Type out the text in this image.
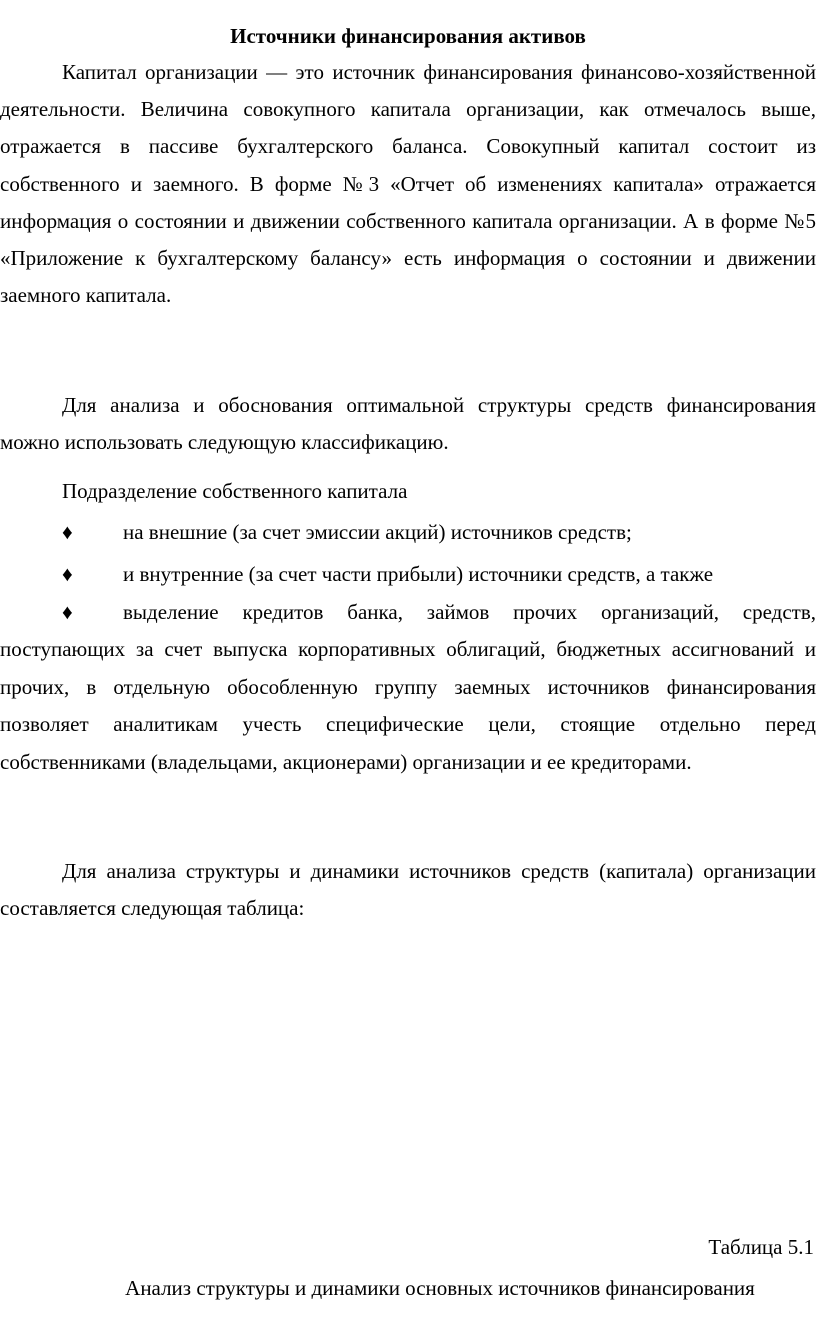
Источники финансирования активов
Капитал организации — это источник финансирования финансово-хозяйственной деятельности. Величина совокупного капитала организации, как отмечалось выше, отражается в пассиве бухгалтерского баланса. Совокупный капитал состоит из собственного и заемного. В форме №3 «Отчет об изменениях капитала» отражается информация о состоянии и движении собственного капитала организации. А в форме №5 «Приложение к бухгалтерскому балансу» есть информация о состоянии и движении заемного капитала.
Для анализа и обоснования оптимальной структуры средств финансирования можно использовать следующую классификацию.
Подразделение собственного капитала
♦ на внешние (за счет эмиссии акций) источников средств;
♦ и внутренние (за счет части прибыли) источники средств, а также
♦ выделение кредитов банка, займов прочих организаций, средств, поступающих за счет выпуска корпоративных облигаций, бюджетных ассигнований и прочих, в отдельную обособленную группу заемных источников финансирования позволяет аналитикам учесть специфические цели, стоящие отдельно перед собственниками (владельцами, акционерами) организации и ее кредиторами.
Для анализа структуры и динамики источников средств (капитала) организации составляется следующая таблица:
Таблица 5.1
Анализ структуры и динамики основных источников финансирования
